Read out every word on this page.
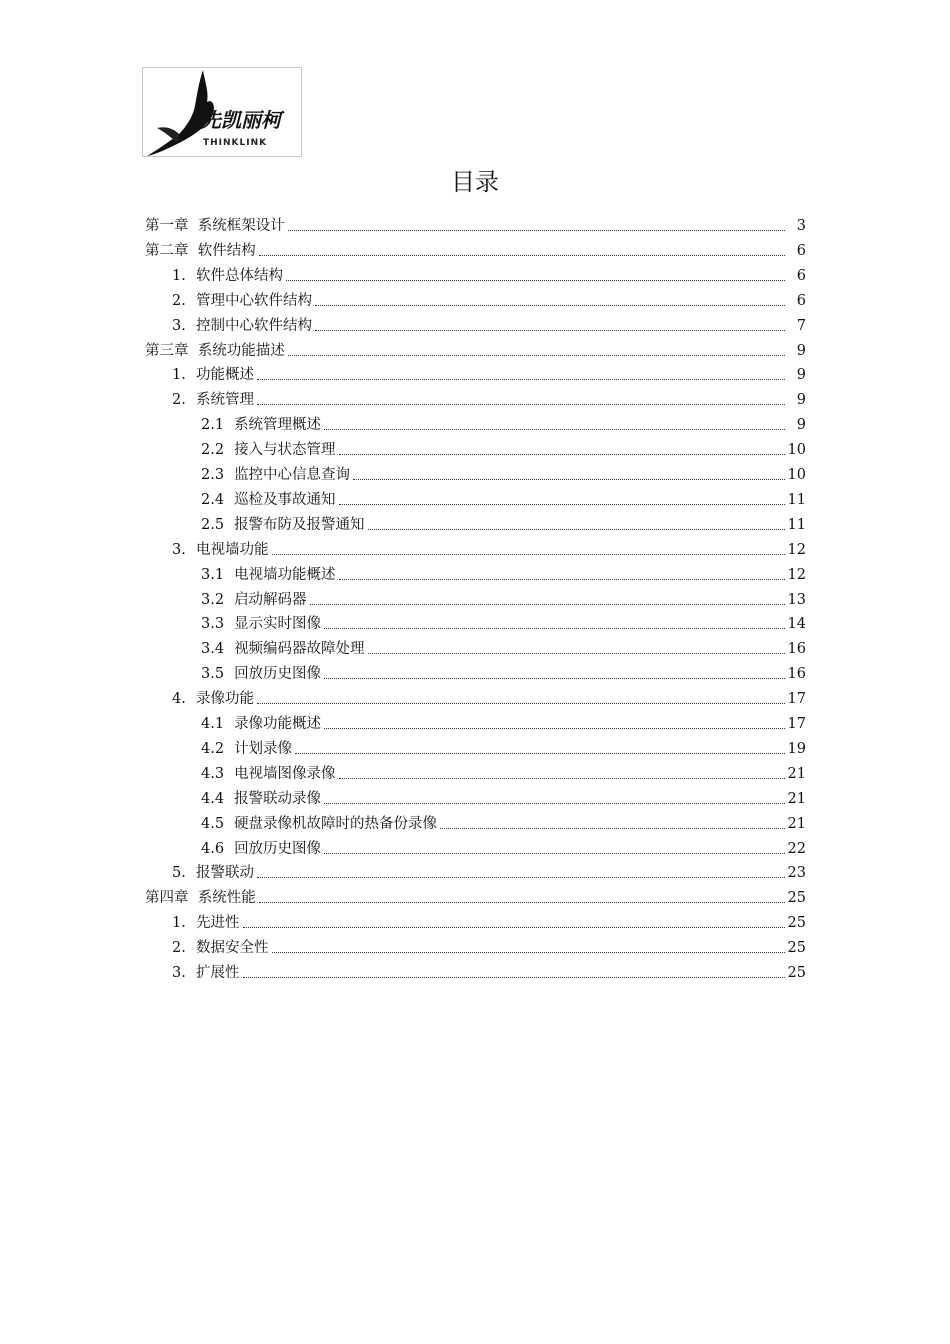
先凯丽柯
THINKLINK
目录
第一章  系统框架设计	3
第二章  软件结构	6
1. 软件总体结构	6
2. 管理中心软件结构	6
3. 控制中心软件结构	7
第三章  系统功能描述	9
1. 功能概述	9
2. 系统管理	9
2.1 系统管理概述	9
2.2 接入与状态管理	10
2.3 监控中心信息查询	10
2.4 巡检及事故通知	11
2.5 报警布防及报警通知	11
3. 电视墙功能	12
3.1 电视墙功能概述	12
3.2 启动解码器	13
3.3 显示实时图像	14
3.4 视频编码器故障处理	16
3.5 回放历史图像	16
4. 录像功能	17
4.1 录像功能概述	17
4.2 计划录像	19
4.3 电视墙图像录像	21
4.4 报警联动录像	21
4.5 硬盘录像机故障时的热备份录像	21
4.6 回放历史图像	22
5. 报警联动	23
第四章  系统性能	25
1. 先进性	25
2. 数据安全性	25
3. 扩展性	25
